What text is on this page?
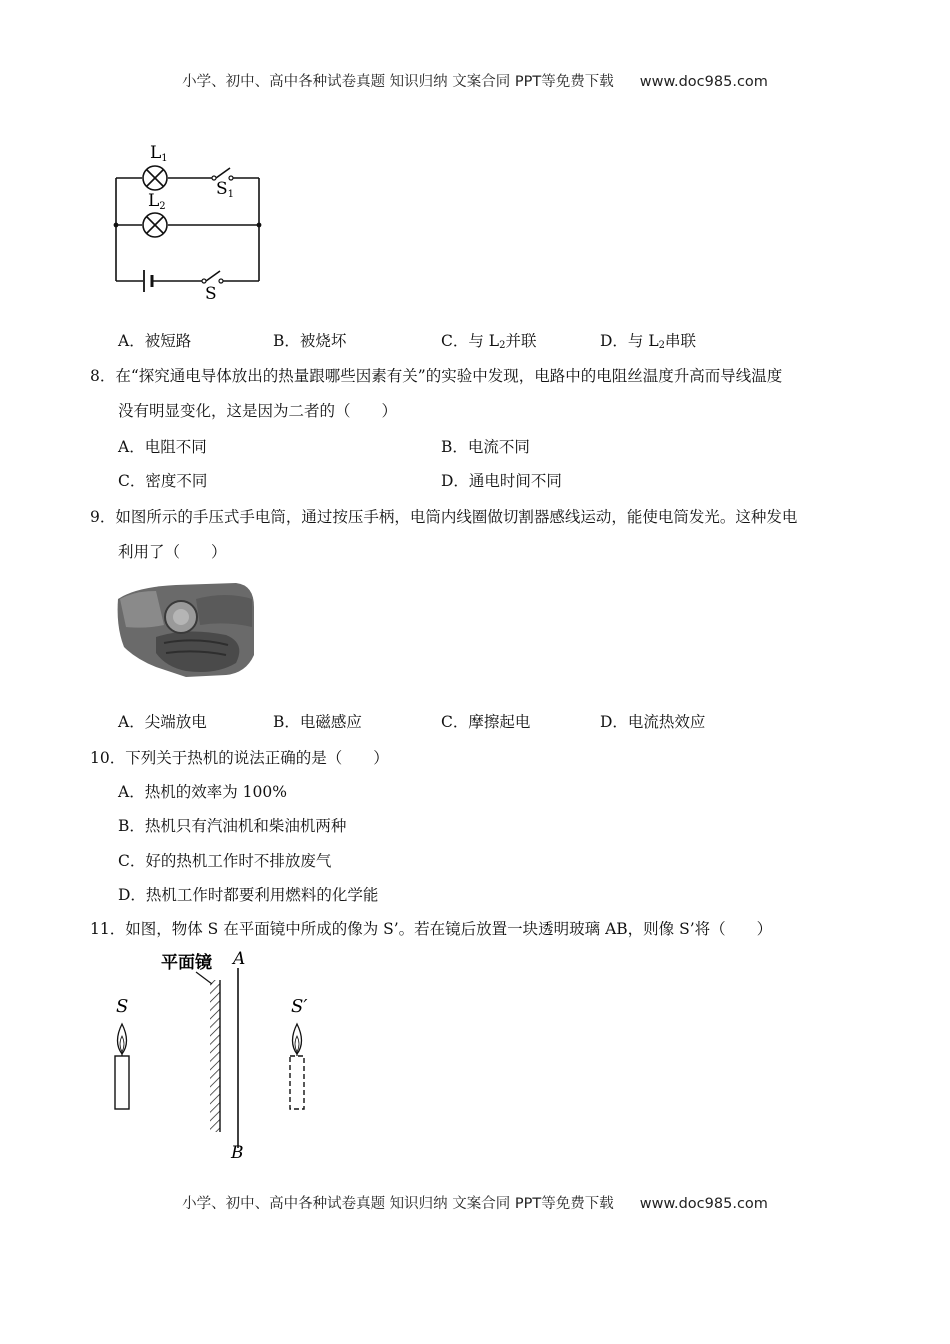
小学、初中、高中各种试卷真题 知识归纳 文案合同 PPT等免费下载 www.doc985.com
L1
L2
S1
S
A．被短路	B．被烧坏	C．与 $L_2$并联	D．与 $L_2$串联
8．在“探究通电导体放出的热量跟哪些因素有关”的实验中发现，电路中的电阻丝温度升高而导线温度
没有明显变化，这是因为二者的（　　）
A．电阻不同	B．电流不同
C．密度不同	D．通电时间不同
9．如图所示的手压式手电筒，通过按压手柄，电筒内线圈做切割器感线运动，能使电筒发光。这种发电
利用了（　　）
A．尖端放电	B．电磁感应	C．摩擦起电	D．电流热效应
10．下列关于热机的说法正确的是（　　）
A．热机的效率为 100%
B．热机只有汽油机和柴油机两种
C．好的热机工作时不排放废气
D．热机工作时都要利用燃料的化学能
11．如图，物体 S 在平面镜中所成的像为 S’。若在镜后放置一块透明玻璃 AB，则像 S’将（　　）
平面镜 A
B
S	S′
小学、初中、高中各种试卷真题 知识归纳 文案合同 PPT等免费下载 www.doc985.com
